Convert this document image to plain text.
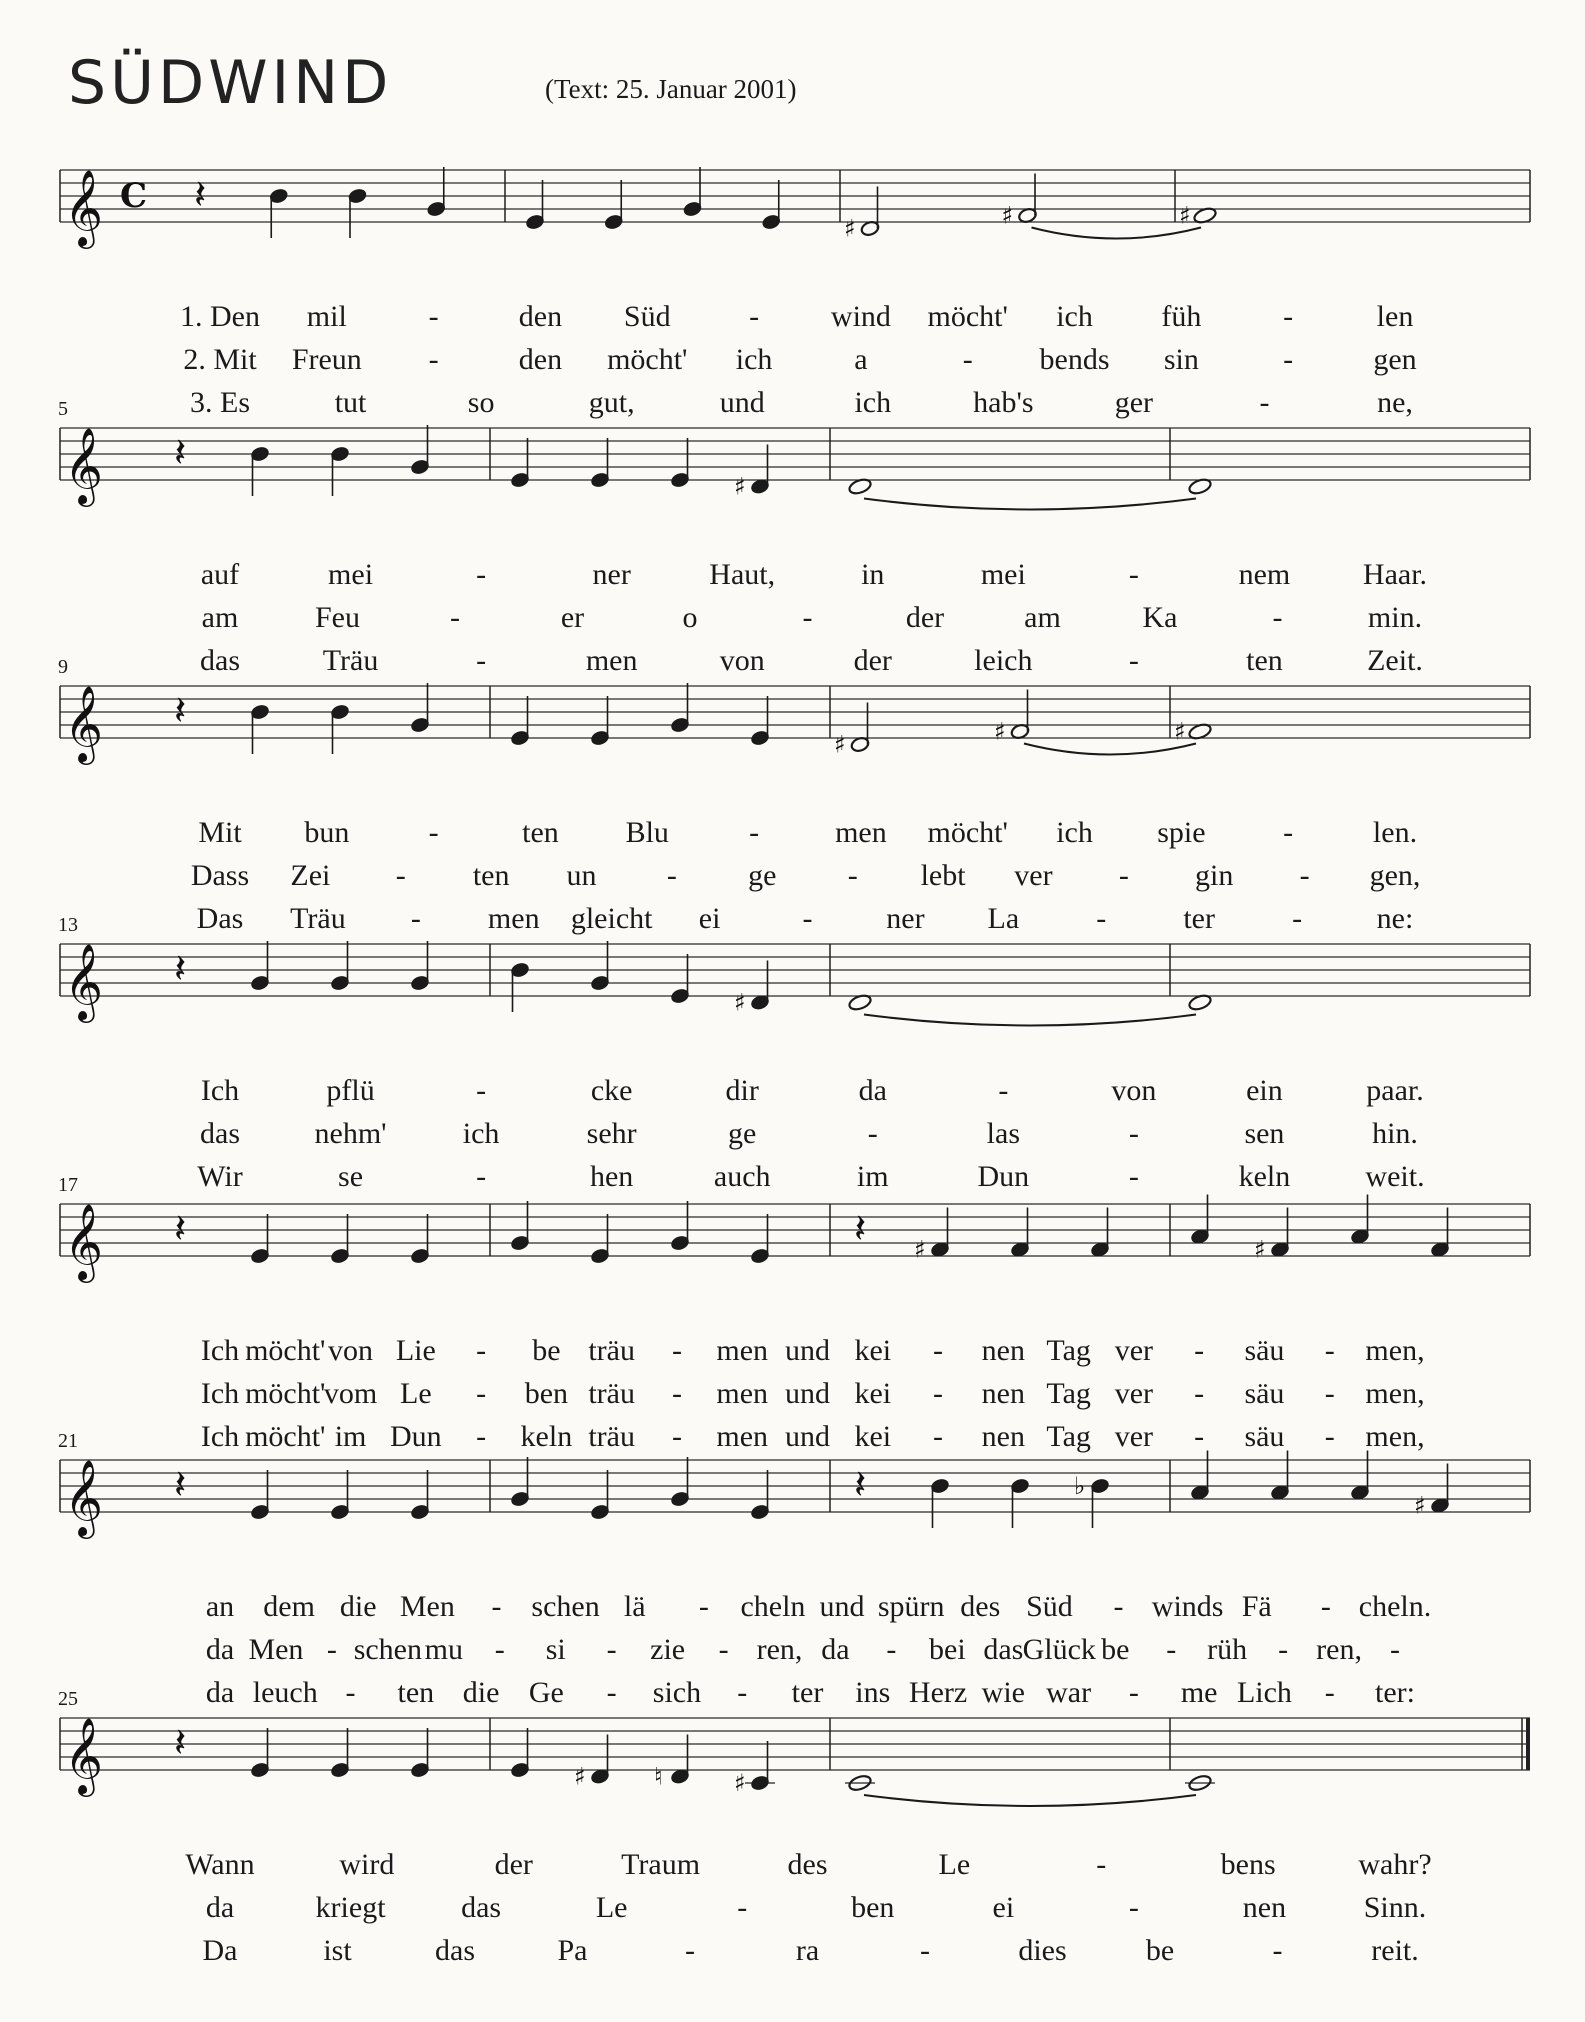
SÜDWIND	(Text: 25. Januar 2001)
𝄞 C 𝄽
♯	♯	♯
1. Den mil	-	den Süd	- wind möcht' ich füh	-	len
2. Mit Freun -	den möcht' ich	a	- bends sin	-	gen
3. Es	tut	so	gut,	und	ich	hab's	ger	-	ne,
5
𝄞 𝄽
♯
auf	mei	-	ner	Haut,	in	mei	-	nem Haar.
am	Feu	-	er	o	-	der	am	Ka	-	min.
das	Träu	-	men	von	der	leich	-	ten	Zeit.
9
𝄞 𝄽
♯	♯	♯
Mit bun	-	ten Blu	-	men möcht' ich spie	-	len.
Dass Zei - ten un - ge - lebt ver - gin - gen,
Das Träu - men gleicht ei	- ner La	-	ter	- ne:
13
𝄞 𝄽
♯
Ich	pflü	-	cke	dir	da	-	von	ein	paar.
das nehm'	ich	sehr	ge	-	las	-	sen	hin.
Wir	se	-	hen	auch	im	Dun	-	keln	weit.
17
𝄞 𝄽	𝄽 ♯	♯
Ich möcht' von Lie - be träu - men und kei - nen Tag ver - säu - men,
Ich möcht'
vom Le - ben träu - men und kei - nen Tag ver - säu - men,
Ich möcht' im Dun - keln träu - men und kei - nen Tag ver - säu - men,
21
𝄞 𝄽	𝄽	♭
♯
an dem die Men - schen lä - cheln und spürn des Süd - winds Fä - cheln.
da Men - schen mu - si - zie - ren, da - bei das Glück be - rüh - ren, -
da leuch - ten die Ge - sich - ter ins Herz wie war - me Lich - ter:
25
𝄞 𝄽
♯	♮	♯
Wann	wird	der	Traum	des	Le	-	bens	wahr?
da	kriegt	das	Le	-	ben	ei	-	nen	Sinn.
Da	ist	das	Pa	-	ra	-	dies	be	-	reit.
